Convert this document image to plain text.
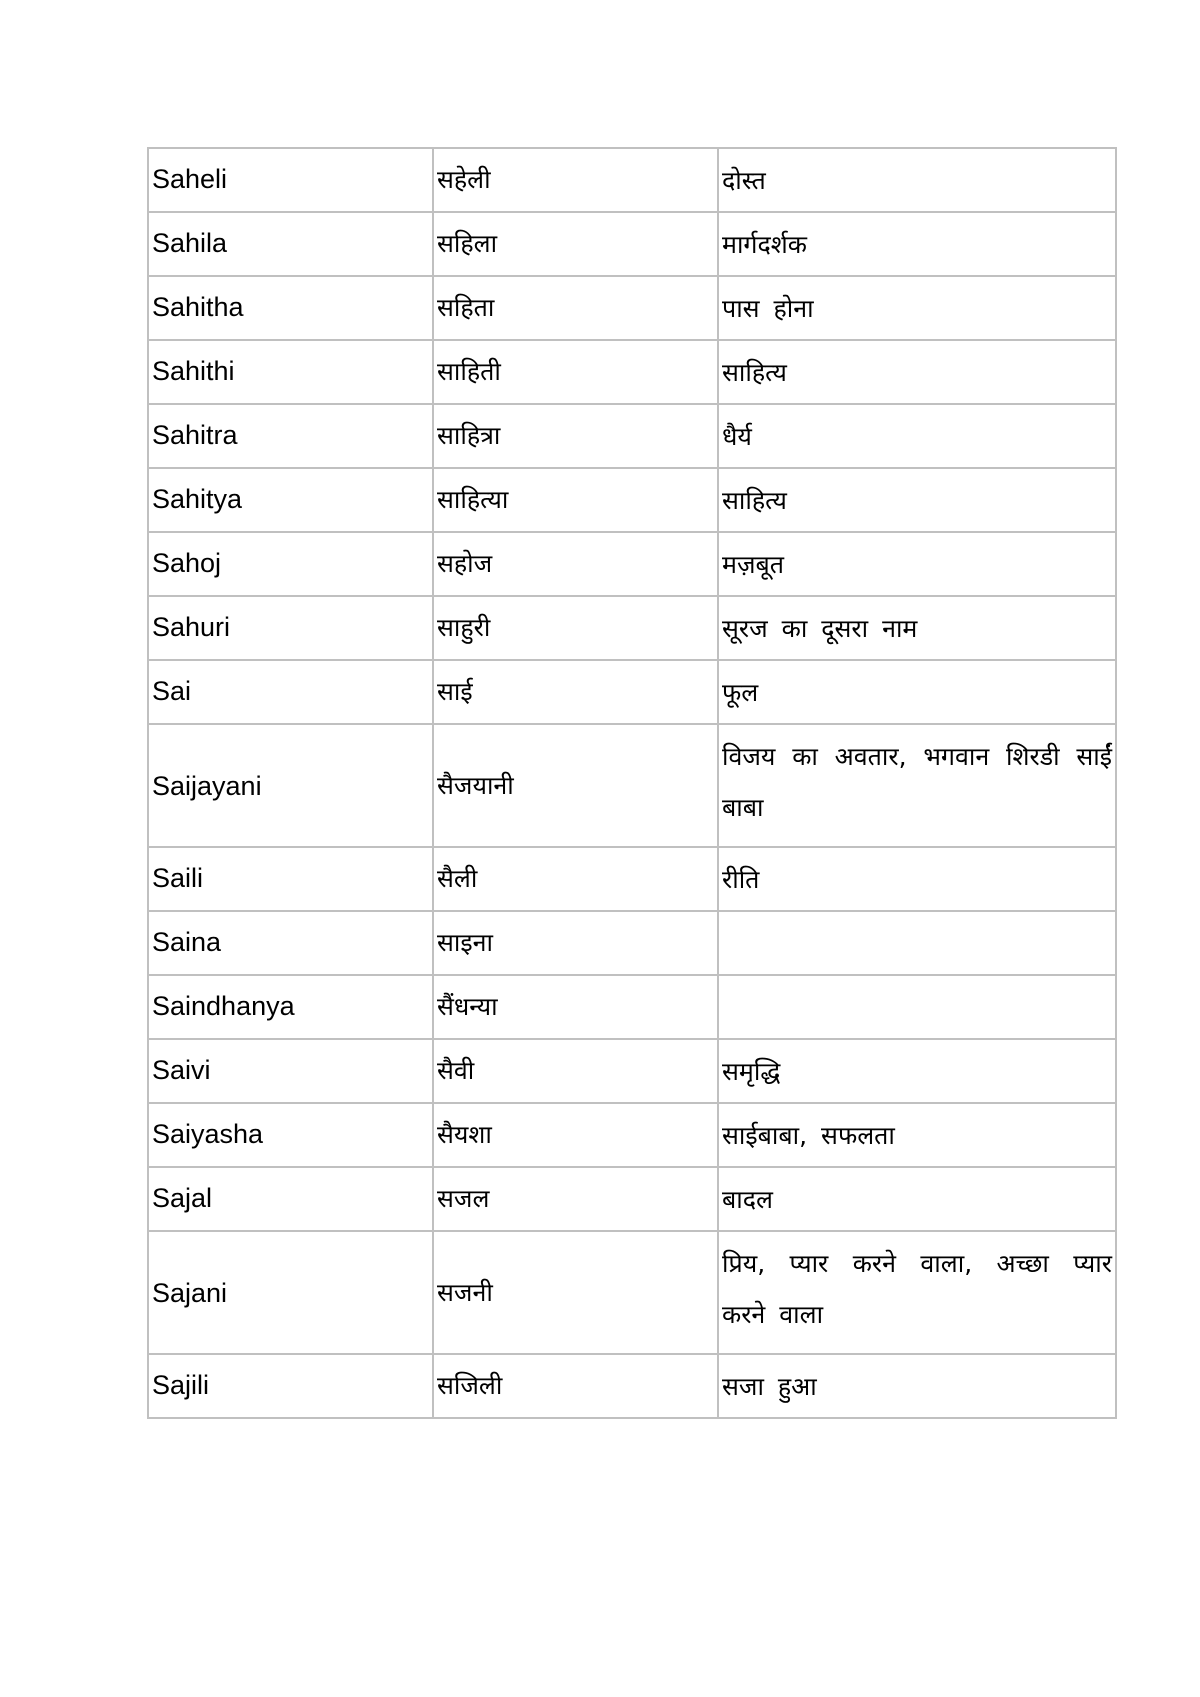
Saheli	सहेली	दोस्त
Sahila	सहिला	मार्गदर्शक
Sahitha	सहिता	पास होना
Sahithi	साहिती	साहित्य
Sahitra	साहित्रा	धैर्य
Sahitya	साहित्या	साहित्य
Sahoj	सहोज	मज़बूत
Sahuri	साहुरी	सूरज का दूसरा नाम
Sai	साई	फूल
Saijayani	सैजयानी	विजय का अवतार, भगवान शिरडी साईं बाबा
Saili	सैली	रीति
Saina	साइना	
Saindhanya	सैंधन्या	
Saivi	सैवी	समृद्धि
Saiyasha	सैयशा	साईबाबा, सफलता
Sajal	सजल	बादल
Sajani	सजनी	प्रिय, प्यार करने वाला, अच्छा प्यार करने वाला
Sajili	सजिली	सजा हुआ
